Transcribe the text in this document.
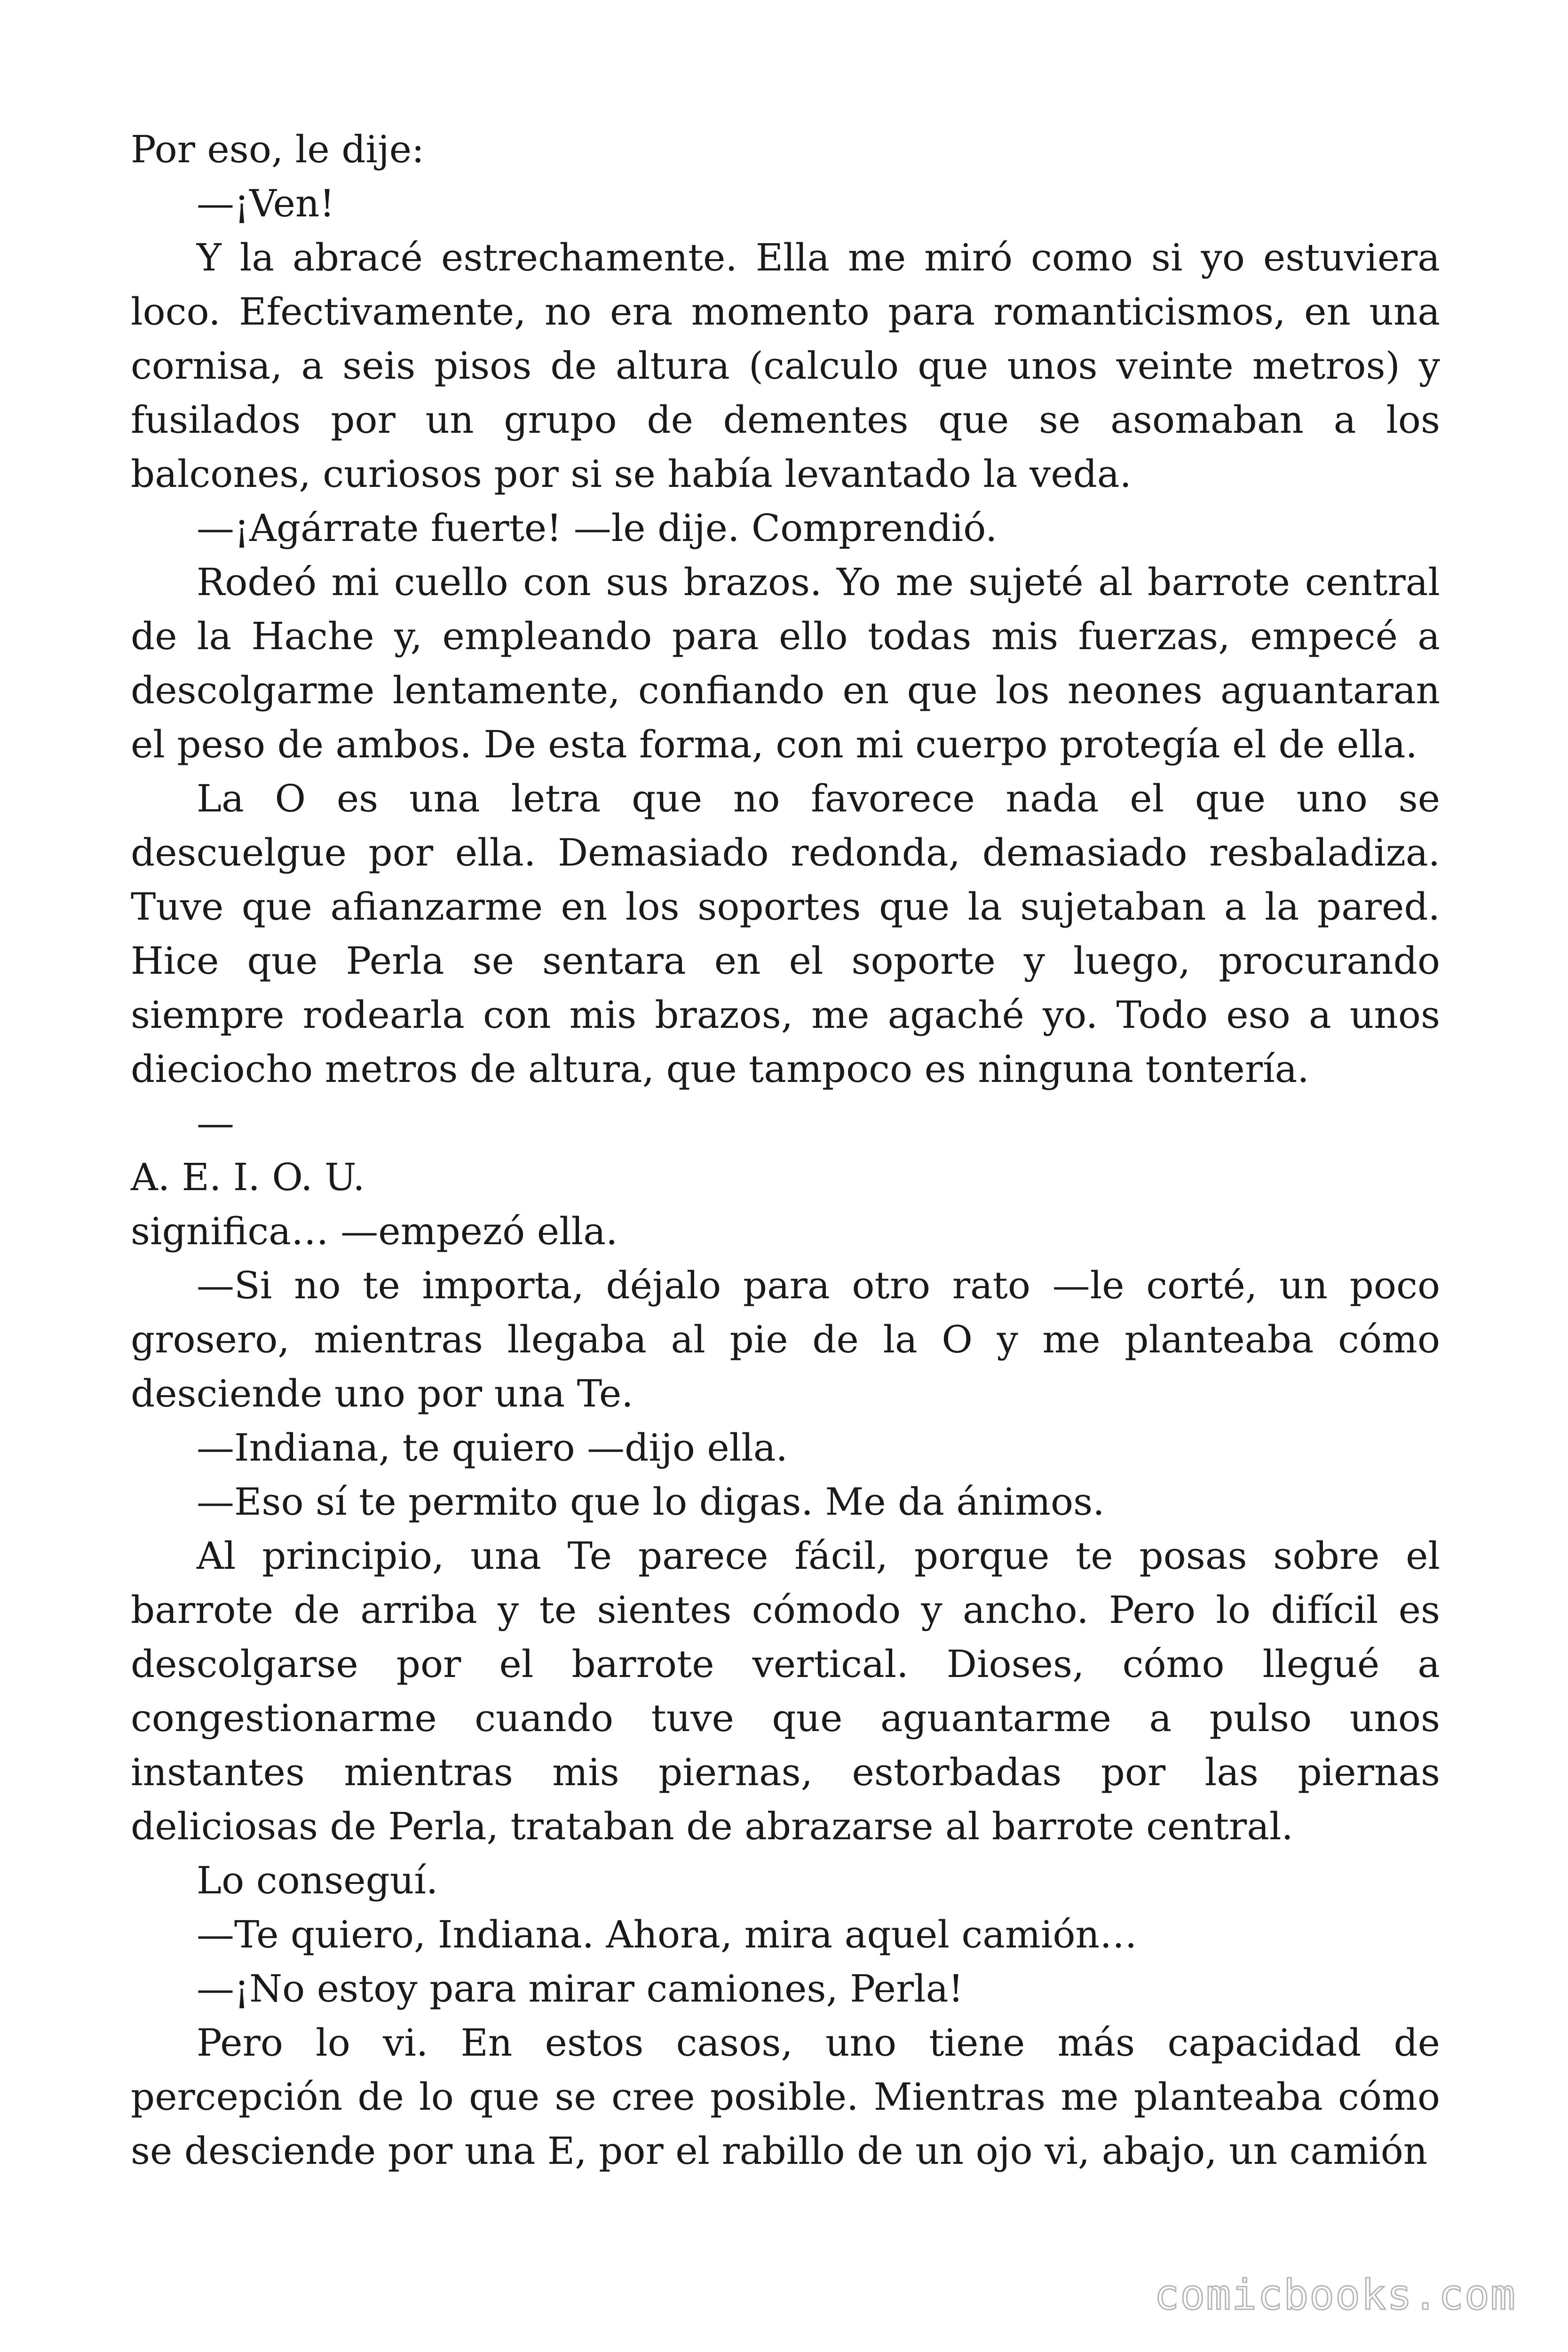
Por eso, le dije:

—¡Ven!

Y la abracé estrechamente. Ella me miró como si yo estuviera loco. Efectivamente, no era momento para romanticismos, en una cornisa, a seis pisos de altura (calculo que unos veinte metros) y fusilados por un grupo de dementes que se asomaban a los balcones, curiosos por si se había levantado la veda.

—¡Agárrate fuerte! —le dije. Comprendió.

Rodeó mi cuello con sus brazos. Yo me sujeté al barrote central de la Hache y, empleando para ello todas mis fuerzas, empecé a descolgarme lentamente, confiando en que los neones aguantaran el peso de ambos. De esta forma, con mi cuerpo protegía el de ella.

La O es una letra que no favorece nada el que uno se descuelgue por ella. Demasiado redonda, demasiado resbaladiza. Tuve que afianzarme en los soportes que la sujetaban a la pared. Hice que Perla se sentara en el soporte y luego, procurando siempre rodearla con mis brazos, me agaché yo. Todo eso a unos dieciocho metros de altura, que tampoco es ninguna tontería.

—

A. E. I. O. U.

significa… —empezó ella.

—Si no te importa, déjalo para otro rato —le corté, un poco grosero, mientras llegaba al pie de la O y me planteaba cómo desciende uno por una Te.

—Indiana, te quiero —dijo ella.

—Eso sí te permito que lo digas. Me da ánimos.

Al principio, una Te parece fácil, porque te posas sobre el barrote de arriba y te sientes cómodo y ancho. Pero lo difícil es descolgarse por el barrote vertical. Dioses, cómo llegué a congestionarme cuando tuve que aguantarme a pulso unos instantes mientras mis piernas, estorbadas por las piernas deliciosas de Perla, trataban de abrazarse al barrote central.

Lo conseguí.

—Te quiero, Indiana. Ahora, mira aquel camión…

—¡No estoy para mirar camiones, Perla!

Pero lo vi. En estos casos, uno tiene más capacidad de percepción de lo que se cree posible. Mientras me planteaba cómo se desciende por una E, por el rabillo de un ojo vi, abajo, un camión

comicbooks.com
